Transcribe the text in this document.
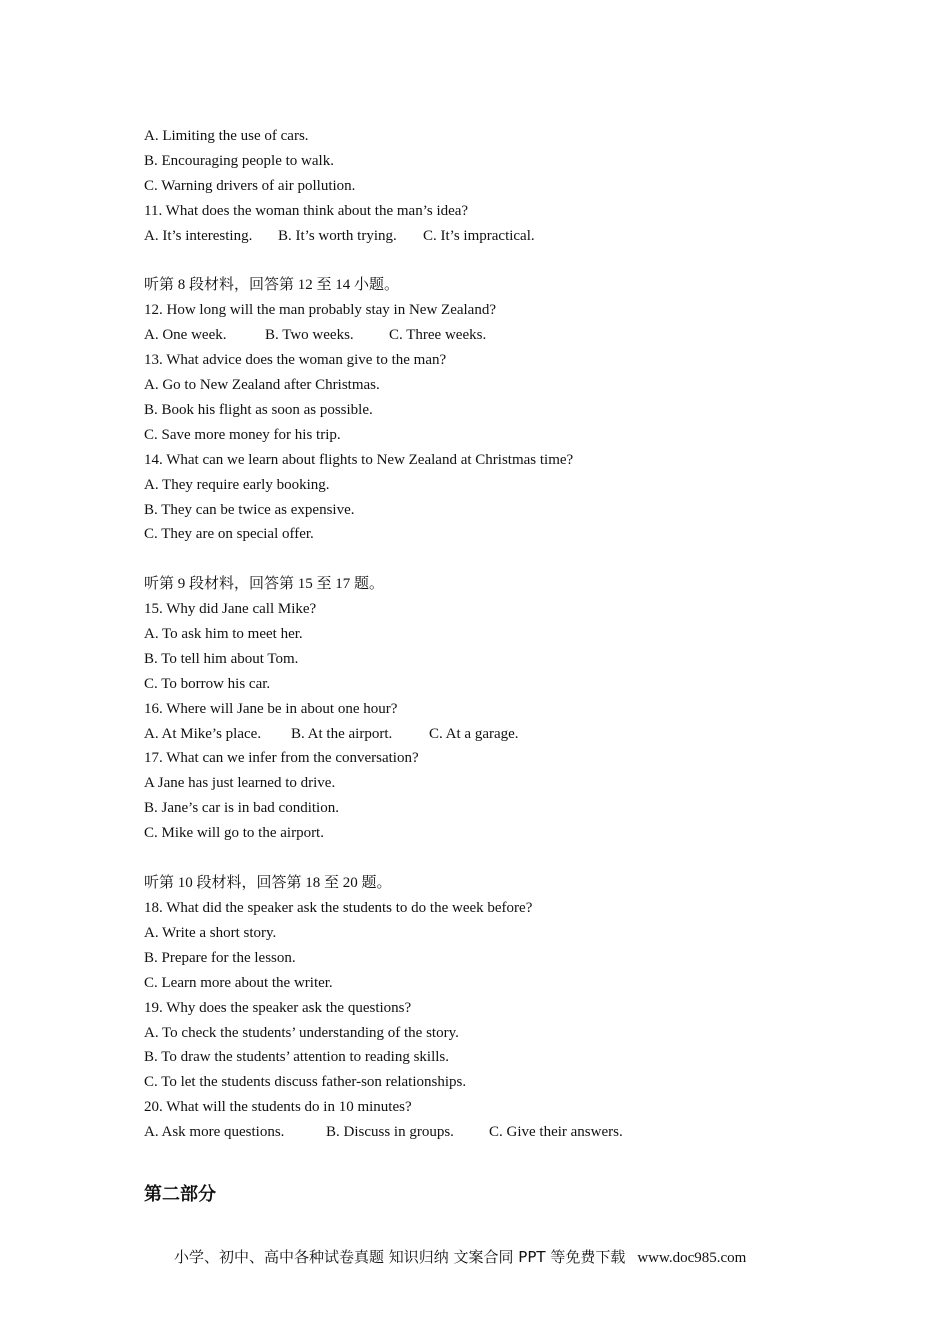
A. Limiting the use of cars.
B. Encouraging people to walk.
C. Warning drivers of air pollution.
11. What does the woman think about the man’s idea?
A. It’s interesting. B. It’s worth trying. C. It’s impractical.
听第 8 段材料，回答第 12 至 14 小题。
12. How long will the man probably stay in New Zealand?
A. One week.	B. Two weeks. C. Three weeks.
13. What advice does the woman give to the man?
A. Go to New Zealand after Christmas.
B. Book his flight as soon as possible.
C. Save more money for his trip.
14. What can we learn about flights to New Zealand at Christmas time?
A. They require early booking.
B. They can be twice as expensive.
C. They are on special offer.
听第 9 段材料，回答第 15 至 17 题。
15. Why did Jane call Mike?
A. To ask him to meet her.
B. To tell him about Tom.
C. To borrow his car.
16. Where will Jane be in about one hour?
A. At Mike’s place. B. At the airport. C. At a garage.
17. What can we infer from the conversation?
A Jane has just learned to drive.
B. Jane’s car is in bad condition.
C. Mike will go to the airport.
听第 10 段材料，回答第 18 至 20 题。
18. What did the speaker ask the students to do the week before?
A. Write a short story.
B. Prepare for the lesson.
C. Learn more about the writer.
19. Why does the speaker ask the questions?
A. To check the students’ understanding of the story.
B. To draw the students’ attention to reading skills.
C. To let the students discuss father-son relationships.
20. What will the students do in 10 minutes?
A. Ask more questions.	B. Discuss in groups. C. Give their answers.
第二部分
小学、初中、高中各种试卷真题 知识归纳 文案合同 PPT 等免费下载 www.doc985.com
